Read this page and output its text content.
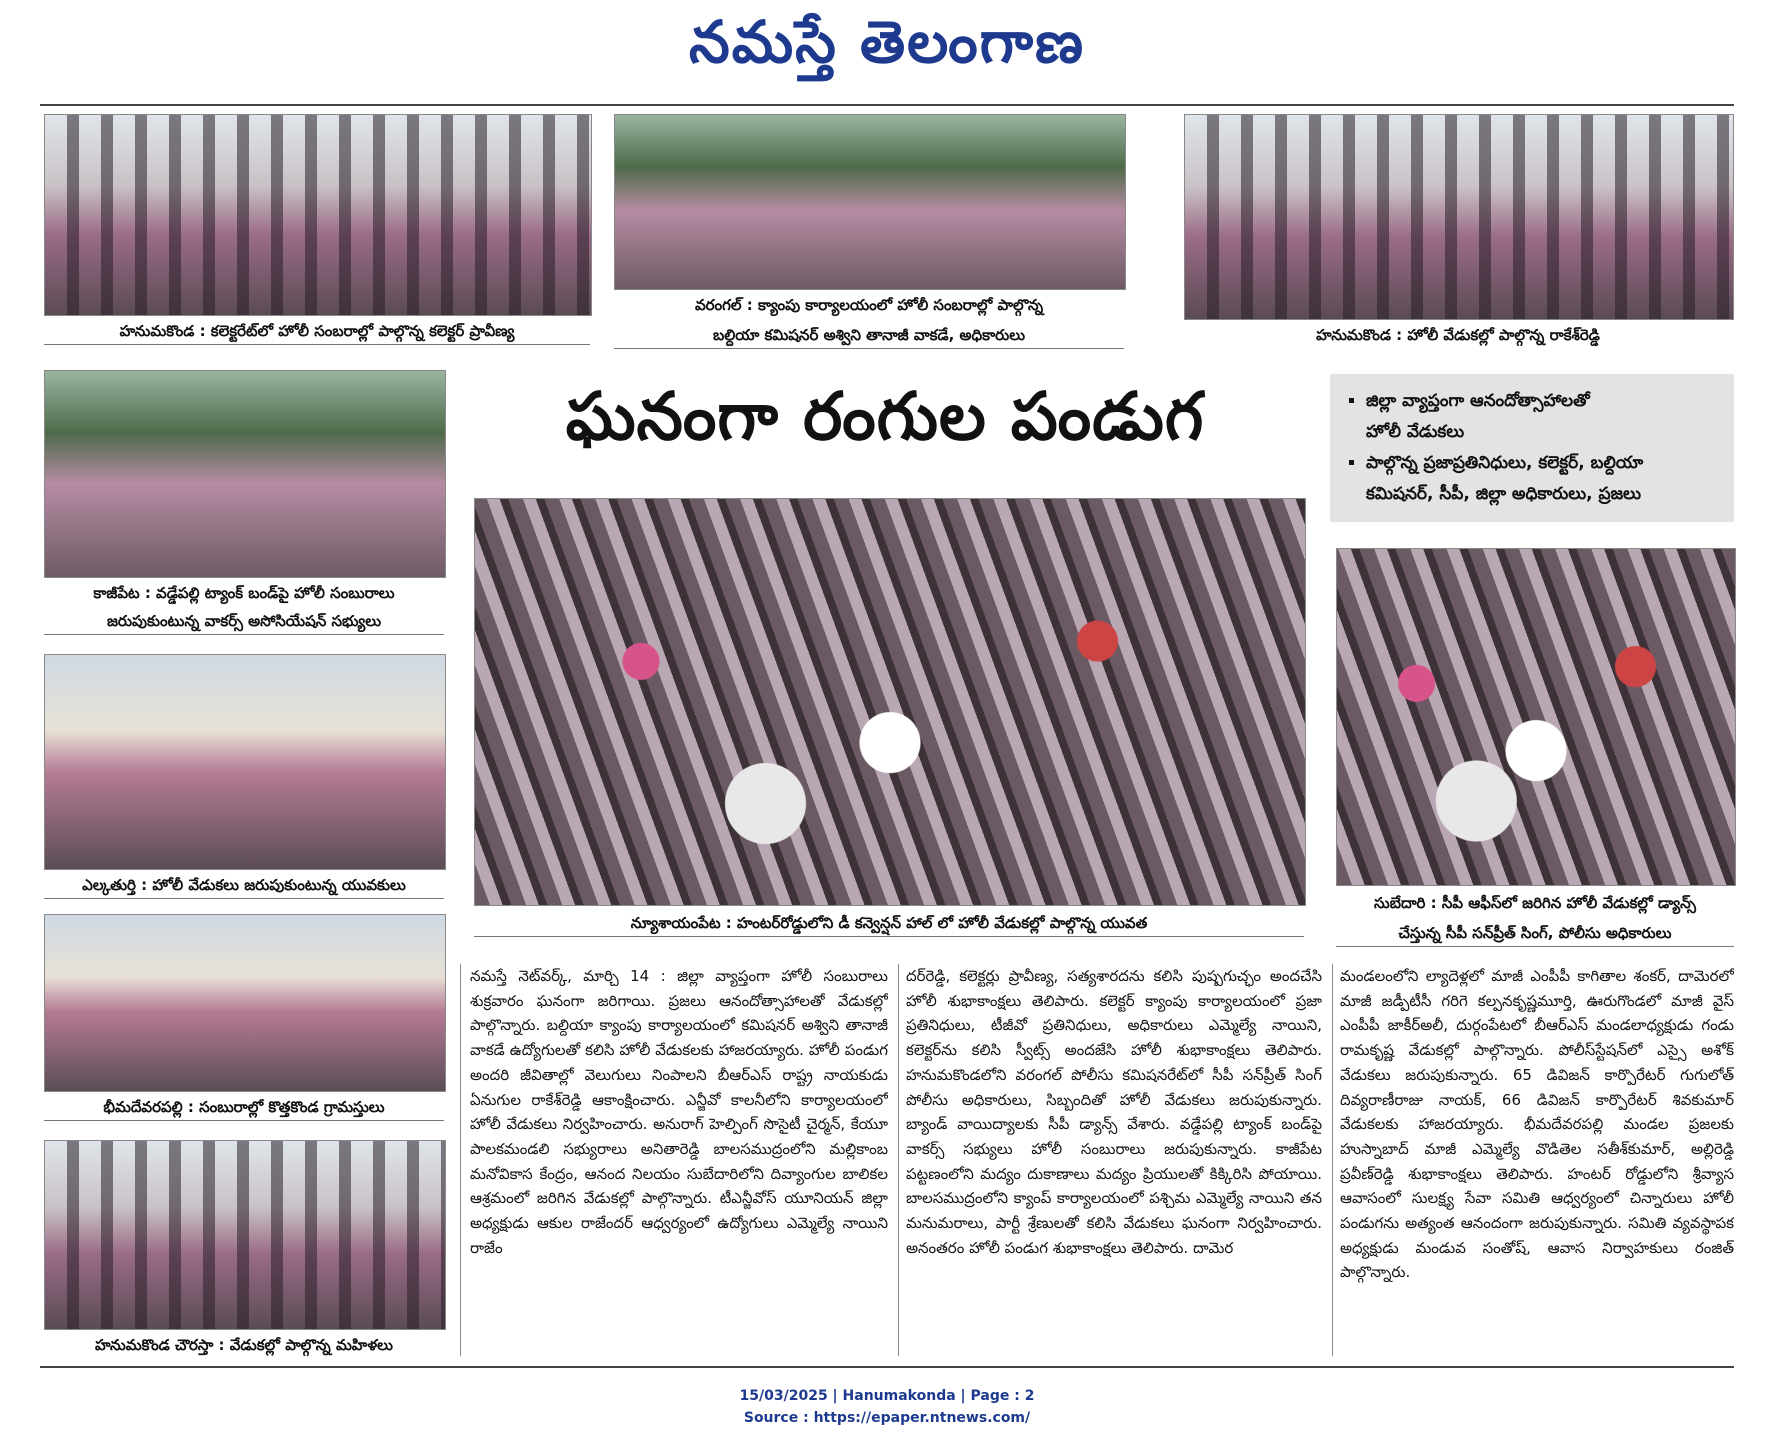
నమస్తే తెలంగాణ
హనుమకొండ : కలెక్టరేట్‌లో హోలీ సంబరాల్లో పాల్గొన్న కలెక్టర్ ప్రావీణ్య
వరంగల్ : క్యాంపు కార్యాలయంలో హోలీ సంబరాల్లో పాల్గొన్న
బల్దియా కమిషనర్ అశ్విని తానాజీ వాకడే, అధికారులు	హనుమకొండ : హోలీ వేడుకల్లో పాల్గొన్న రాకేశ్‌రెడ్డి
కాజీపేట : వడ్డేపల్లి ట్యాంక్ బండ్‌పై హోలీ సంబురాలు
జరుపుకుంటున్న వాకర్స్ అసోసియేషన్ సభ్యులు
ఎల్కతుర్తి : హోలీ వేడుకలు జరుపుకుంటున్న యువకులు
భీమదేవరపల్లి : సంబురాల్లో కొత్తకొండ గ్రామస్తులు
హనుమకొండ చౌరస్తా : వేడుకల్లో పాల్గొన్న మహిళలు
ఘనంగా రంగుల పండుగ
▪	జిల్లా వ్యాప్తంగా ఆనందోత్సాహాలతో
హోలీ వేడుకలు
▪ పాల్గొన్న ప్రజాప్రతినిధులు, కలెక్టర్, బల్దియా
కమిషనర్, సీపీ, జిల్లా అధికారులు, ప్రజలు
న్యూశాయంపేట : హంటర్‌రోడ్డులోని డీ కన్వెన్షన్ హాల్ లో హోలీ వేడుకల్లో పాల్గొన్న యువత
సుబేదారి : సీపీ ఆఫీస్‌లో జరిగిన హోలీ వేడుకల్లో డ్యాన్స్
చేస్తున్న సీపీ సన్‌ప్రీత్ సింగ్, పోలీసు అధికారులు

నమస్తే నెట్‌వర్క్, మార్చి 14 : జిల్లా వ్యాప్తంగా హోలీ సంబురాలు శుక్రవారం ఘనంగా జరిగాయి. ప్రజలు ఆనందోత్సాహాలతో వేడుకల్లో పాల్గొన్నారు. బల్దియా క్యాంపు కార్యాలయంలో కమిషనర్ అశ్విని తానాజీ వాకడే ఉద్యోగులతో కలిసి హోలీ వేడుకలకు హాజరయ్యారు. హోలీ పండుగ అందరి జీవితాల్లో వెలుగులు నింపాలని బీఆర్ఎస్ రాష్ట్ర నాయకుడు ఏనుగుల రాకేశ్‌రెడ్డి ఆకాంక్షించారు. ఎన్జీవో కాలనీలోని కార్యాలయంలో హోలీ వేడుకలు నిర్వహించారు. అనురాగ్ హెల్పింగ్ సొసైటీ చైర్మన్, కేయూ పాలకమండలి సభ్యురాలు అనితారెడ్డి బాలసముద్రంలోని మల్లికాంబ మనోవికాస కేంద్రం, ఆనంద నిలయం సుబేదారిలోని దివ్యాంగుల బాలికల ఆశ్రమంలో జరిగిన వేడుకల్లో పాల్గొన్నారు. టీఎన్జీవోస్ యూనియన్ జిల్లా అధ్యక్షుడు ఆకుల రాజేందర్ ఆధ్వర్యంలో ఉద్యోగులు ఎమ్మెల్యే నాయిని రాజేం

దర్‌రెడ్డి, కలెక్టర్లు ప్రావీణ్య, సత్యశారదను కలిసి పుష్పగుచ్ఛం అందచేసి హోలీ శుభాకాంక్షలు తెలిపారు. కలెక్టర్ క్యాంపు కార్యాలయంలో ప్రజా ప్రతినిధులు, టీజీవో ప్రతినిధులు, అధికారులు ఎమ్మెల్యే నాయిని, కలెక్టర్‌ను కలిసి స్వీట్స్ అందజేసి హోలీ శుభాకాంక్షలు తెలిపారు. హనుమకొండలోని వరంగల్ పోలీసు కమిషనరేట్‌లో సీపీ సన్‌ప్రీత్ సింగ్ పోలీసు అధికారులు, సిబ్బందితో హోలీ వేడుకలు జరుపుకున్నారు. బ్యాండ్ వాయిద్యాలకు సీపీ డ్యాన్స్ వేశారు. వడ్డేపల్లి ట్యాంక్ బండ్‌పై వాకర్స్ సభ్యులు హోలీ సంబురాలు జరుపుకున్నారు. కాజీపేట పట్టణంలోని మద్యం దుకాణాలు మద్యం ప్రియులతో కిక్కిరిసి పోయాయి. బాలసముద్రంలోని క్యాంప్ కార్యాలయంలో పశ్చిమ ఎమ్మెల్యే నాయిని తన మనుమరాలు, పార్టీ శ్రేణులతో కలిసి వేడుకలు ఘనంగా నిర్వహించారు. అనంతరం హోలీ పండుగ శుభాకాంక్షలు తెలిపారు. దామెర

మండలంలోని ల్యాదెళ్లలో మాజీ ఎంపీపీ కాగితాల శంకర్, దామెరలో మాజీ జడ్పీటీసీ గరిగె కల్పనకృష్ణమూర్తి, ఊరుగొండలో మాజీ వైస్ ఎంపీపీ జాకీర్‌అలీ, దుర్గంపేటలో బీఆర్ఎస్ మండలాధ్యక్షుడు గండు రామకృష్ణ వేడుకల్లో పాల్గొన్నారు. పోలీస్‌స్టేషన్‌లో ఎస్సై అశోక్ వేడుకలు జరుపుకున్నారు. 65 డివిజన్ కార్పొరేటర్ గుగులోత్ దివ్యరాణీరాజు నాయక్, 66 డివిజన్ కార్పొరేటర్ శివకుమార్ వేడుకలకు హాజరయ్యారు. భీమదేవరపల్లి మండల ప్రజలకు హుస్నాబాద్ మాజీ ఎమ్మెల్యే వొడితెల సతీశ్‌కుమార్, అల్లిరెడ్డి ప్రవీణ్‌రెడ్డి శుభాకాంక్షలు తెలిపారు. హంటర్ రోడ్డులోని శ్రీవ్యాస ఆవాసంలో సులక్ష్య సేవా సమితి ఆధ్వర్యంలో చిన్నారులు హోలీ పండుగను అత్యంత ఆనందంగా జరుపుకున్నారు. సమితి వ్యవస్థాపక అధ్యక్షుడు మండువ సంతోష్, ఆవాస నిర్వాహకులు రంజిత్ పాల్గొన్నారు.

15/03/2025 | Hanumakonda | Page : 2
Source : https://epaper.ntnews.com/
